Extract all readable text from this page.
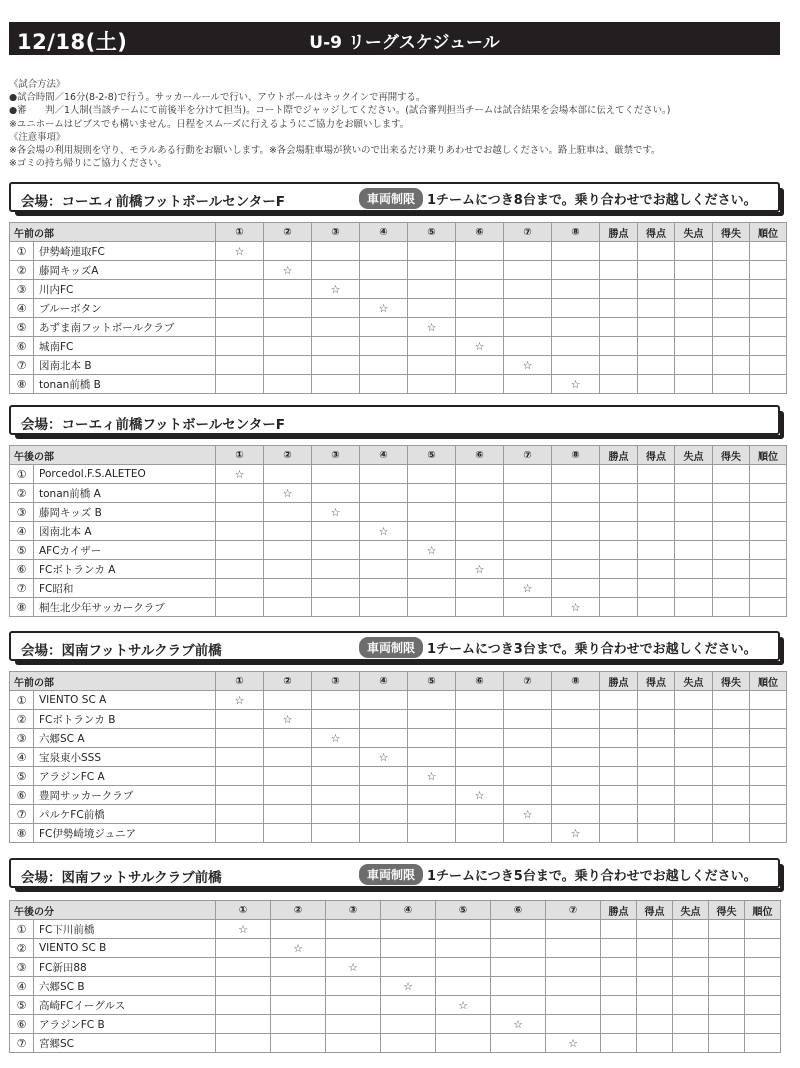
12/18(土)	U-9 リーグスケジュール
《試合方法》
●試合時間／16分(8-2-8)で行う。サッカールールで行い、アウトボールはキックインで再開する。
●審　　判／1人制(当該チームにて前後半を分けて担当)。コート際でジャッジしてください。(試合審判担当チームは試合結果を会場本部に伝えてください。)
※ユニホームはビブスでも構いません。日程をスムーズに行えるようにご協力をお願いします。
《注意事項》
※各会場の利用規則を守り、モラルある行動をお願いします。※各会場駐車場が狭いので出来るだけ乗りあわせでお越しください。路上駐車は、厳禁です。
※ゴミの持ち帰りにご協力ください。
会場：コーエィ前橋フットボールセンターF	車両制限 1チームにつき8台まで。乗り合わせでお越しください。
午前の部		①	②	③	④	⑤	⑥	⑦	⑧	勝点	得点	失点	得失	順位
①	伊勢崎連取FC	☆												
②	藤岡キッズA		☆											
③	川内FC			☆										
④	ブルーボタン				☆									
⑤	あずま南フットボールクラブ					☆								
⑥	城南FC						☆							
⑦	図南北本 B							☆						
⑧	tonan前橋 B								☆					
会場：コーエィ前橋フットボールセンターF
午後の部		①	②	③	④	⑤	⑥	⑦	⑧	勝点	得点	失点	得失	順位
①	Porcedol.F.S.ALETEO	☆												
②	tonan前橋 A		☆											
③	藤岡キッズ B			☆										
④	図南北本 A				☆									
⑤	AFCカイザー					☆								
⑥	FCボトランカ A						☆							
⑦	FC昭和							☆						
⑧	桐生北少年サッカークラブ								☆					
会場：図南フットサルクラブ前橋	車両制限 1チームにつき3台まで。乗り合わせでお越しください。
午前の部		①	②	③	④	⑤	⑥	⑦	⑧	勝点	得点	失点	得失	順位
①	VIENTO SC A	☆												
②	FCボトランカ B		☆											
③	六郷SC A			☆										
④	宝泉東小SSS				☆									
⑤	アラジンFC A					☆								
⑥	豊岡サッカークラブ						☆							
⑦	パルケFC前橋							☆						
⑧	FC伊勢崎境ジュニア								☆					
会場：図南フットサルクラブ前橋	車両制限 1チームにつき5台まで。乗り合わせでお越しください。
午後の分		①	②	③	④	⑤	⑥	⑦	勝点	得点	失点	得失	順位
①	FC下川前橋	☆											
②	VIENTO SC B		☆										
③	FC新田88			☆									
④	六郷SC B				☆								
⑤	高崎FCイーグルス					☆							
⑥	アラジンFC B						☆						
⑦	宮郷SC							☆					
